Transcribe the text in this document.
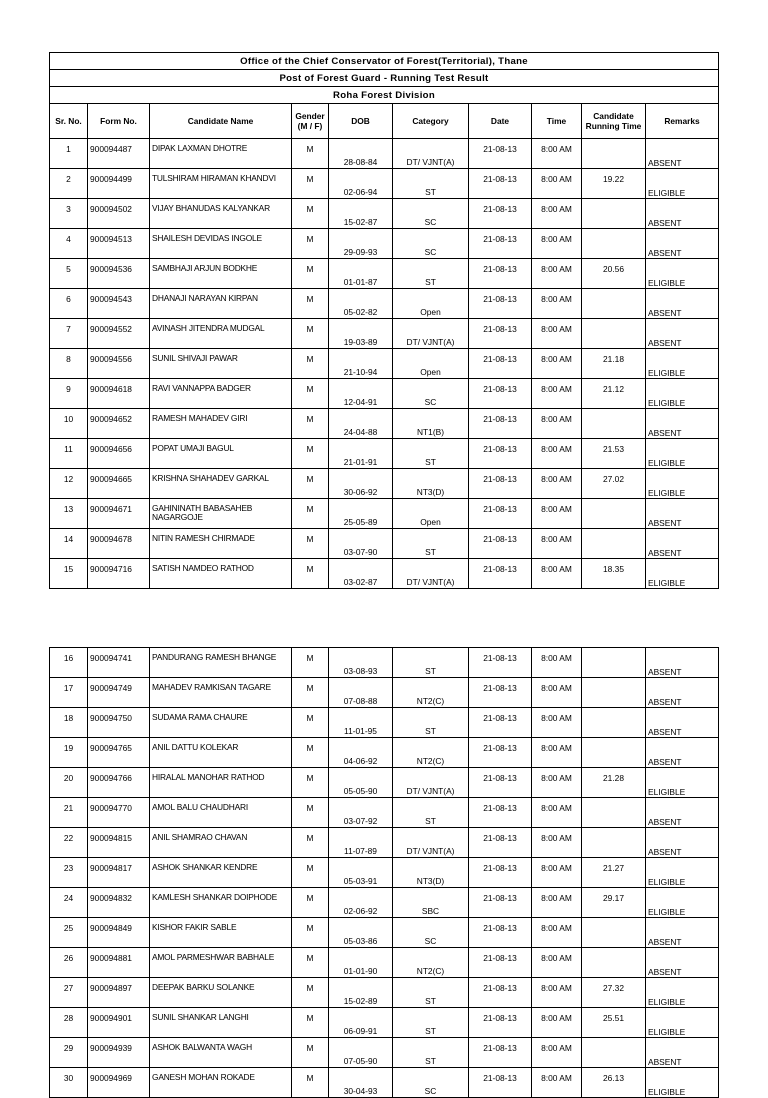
Office of the Chief Conservator of Forest(Territorial), Thane									
Post of Forest Guard - Running Test Result									
Roha Forest Division									
Sr. No.	Form No.	Candidate Name	Gender (M / F)	DOB	Category	Date	Time	Candidate Running Time	Remarks
1	900094487	DIPAK LAXMAN DHOTRE	M	28-08-84	DT/ VJNT(A)	21-08-13	8:00 AM		ABSENT
2	900094499	TULSHIRAM HIRAMAN KHANDVI	M	02-06-94	ST	21-08-13	8:00 AM	19.22	ELIGIBLE
3	900094502	VIJAY BHANUDAS KALYANKAR	M	15-02-87	SC	21-08-13	8:00 AM		ABSENT
4	900094513	SHAILESH DEVIDAS INGOLE	M	29-09-93	SC	21-08-13	8:00 AM		ABSENT
5	900094536	SAMBHAJI ARJUN BODKHE	M	01-01-87	ST	21-08-13	8:00 AM	20.56	ELIGIBLE
6	900094543	DHANAJI NARAYAN KIRPAN	M	05-02-82	Open	21-08-13	8:00 AM		ABSENT
7	900094552	AVINASH JITENDRA MUDGAL	M	19-03-89	DT/ VJNT(A)	21-08-13	8:00 AM		ABSENT
8	900094556	SUNIL SHIVAJI PAWAR	M	21-10-94	Open	21-08-13	8:00 AM	21.18	ELIGIBLE
9	900094618	RAVI VANNAPPA BADGER	M	12-04-91	SC	21-08-13	8:00 AM	21.12	ELIGIBLE
10	900094652	RAMESH MAHADEV GIRI	M	24-04-88	NT1(B)	21-08-13	8:00 AM		ABSENT
11	900094656	POPAT UMAJI BAGUL	M	21-01-91	ST	21-08-13	8:00 AM	21.53	ELIGIBLE
12	900094665	KRISHNA SHAHADEV GARKAL	M	30-06-92	NT3(D)	21-08-13	8:00 AM	27.02	ELIGIBLE
13	900094671	GAHININATH BABASAHEB NAGARGOJE	M	25-05-89	Open	21-08-13	8:00 AM		ABSENT
14	900094678	NITIN RAMESH CHIRMADE	M	03-07-90	ST	21-08-13	8:00 AM		ABSENT
15	900094716	SATISH NAMDEO RATHOD	M	03-02-87	DT/ VJNT(A)	21-08-13	8:00 AM	18.35	ELIGIBLE
16	900094741	PANDURANG RAMESH BHANGE	M	03-08-93	ST	21-08-13	8:00 AM		ABSENT
17	900094749	MAHADEV RAMKISAN TAGARE	M	07-08-88	NT2(C)	21-08-13	8:00 AM		ABSENT
18	900094750	SUDAMA RAMA CHAURE	M	11-01-95	ST	21-08-13	8:00 AM		ABSENT
19	900094765	ANIL DATTU KOLEKAR	M	04-06-92	NT2(C)	21-08-13	8:00 AM		ABSENT
20	900094766	HIRALAL MANOHAR RATHOD	M	05-05-90	DT/ VJNT(A)	21-08-13	8:00 AM	21.28	ELIGIBLE
21	900094770	AMOL BALU CHAUDHARI	M	03-07-92	ST	21-08-13	8:00 AM		ABSENT
22	900094815	ANIL SHAMRAO CHAVAN	M	11-07-89	DT/ VJNT(A)	21-08-13	8:00 AM		ABSENT
23	900094817	ASHOK SHANKAR KENDRE	M	05-03-91	NT3(D)	21-08-13	8:00 AM	21.27	ELIGIBLE
24	900094832	KAMLESH SHANKAR DOIPHODE	M	02-06-92	SBC	21-08-13	8:00 AM	29.17	ELIGIBLE
25	900094849	KISHOR FAKIR SABLE	M	05-03-86	SC	21-08-13	8:00 AM		ABSENT
26	900094881	AMOL PARMESHWAR BABHALE	M	01-01-90	NT2(C)	21-08-13	8:00 AM		ABSENT
27	900094897	DEEPAK BARKU SOLANKE	M	15-02-89	ST	21-08-13	8:00 AM	27.32	ELIGIBLE
28	900094901	SUNIL SHANKAR LANGHI	M	06-09-91	ST	21-08-13	8:00 AM	25.51	ELIGIBLE
29	900094939	ASHOK BALWANTA WAGH	M	07-05-90	ST	21-08-13	8:00 AM		ABSENT
30	900094969	GANESH MOHAN ROKADE	M	30-04-93	SC	21-08-13	8:00 AM	26.13	ELIGIBLE
